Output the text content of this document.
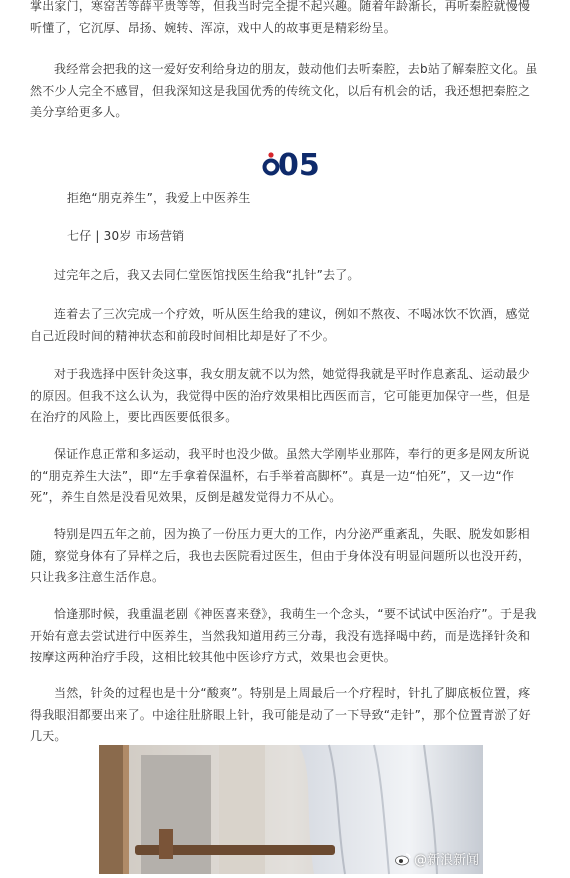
掌出家门，寒窑苦等薛平贵等等，但我当时完全提不起兴趣。随着年龄渐长，再听秦腔就慢慢听懂了，它沉厚、昂扬、婉转、浑凉，戏中人的故事更是精彩纷呈。

我经常会把我的这一爱好安利给身边的朋友，鼓动他们去听秦腔，去b站了解秦腔文化。虽然不少人完全不感冒，但我深知这是我国优秀的传统文化，以后有机会的话，我还想把秦腔之美分享给更多人。

05

拒绝“朋克养生”，我爱上中医养生

七仔 | 30岁 市场营销

过完年之后，我又去同仁堂医馆找医生给我“扎针”去了。

连着去了三次完成一个疗效，听从医生给我的建议，例如不熬夜、不喝冰饮不饮酒，感觉自己近段时间的精神状态和前段时间相比却是好了不少。

对于我选择中医针灸这事，我女朋友就不以为然，她觉得我就是平时作息紊乱、运动最少的原因。但我不这么认为，我觉得中医的治疗效果相比西医而言，它可能更加保守一些，但是在治疗的风险上，要比西医要低很多。

保证作息正常和多运动，我平时也没少做。虽然大学刚毕业那阵，奉行的更多是网友所说的“朋克养生大法”，即“左手拿着保温杯，右手举着高脚杯”。真是一边“怕死”，又一边“作死”，养生自然是没看见效果，反倒是越发觉得力不从心。

特别是四五年之前，因为换了一份压力更大的工作，内分泌严重紊乱，失眠、脱发如影相随，察觉身体有了异样之后，我也去医院看过医生，但由于身体没有明显问题所以也没开药，只让我多注意生活作息。

恰逢那时候，我重温老剧《神医喜来登》，我萌生一个念头，“要不试试中医治疗”。于是我开始有意去尝试进行中医养生，当然我知道用药三分毒，我没有选择喝中药，而是选择针灸和按摩这两种治疗手段，这相比较其他中医诊疗方式，效果也会更快。

当然，针灸的过程也是十分“酸爽”。特别是上周最后一个疗程时，针扎了脚底板位置，疼得我眼泪都要出来了。中途往肚脐眼上针，我可能是动了一下导致“走针”，那个位置青淤了好几天。

@新浪新闻
